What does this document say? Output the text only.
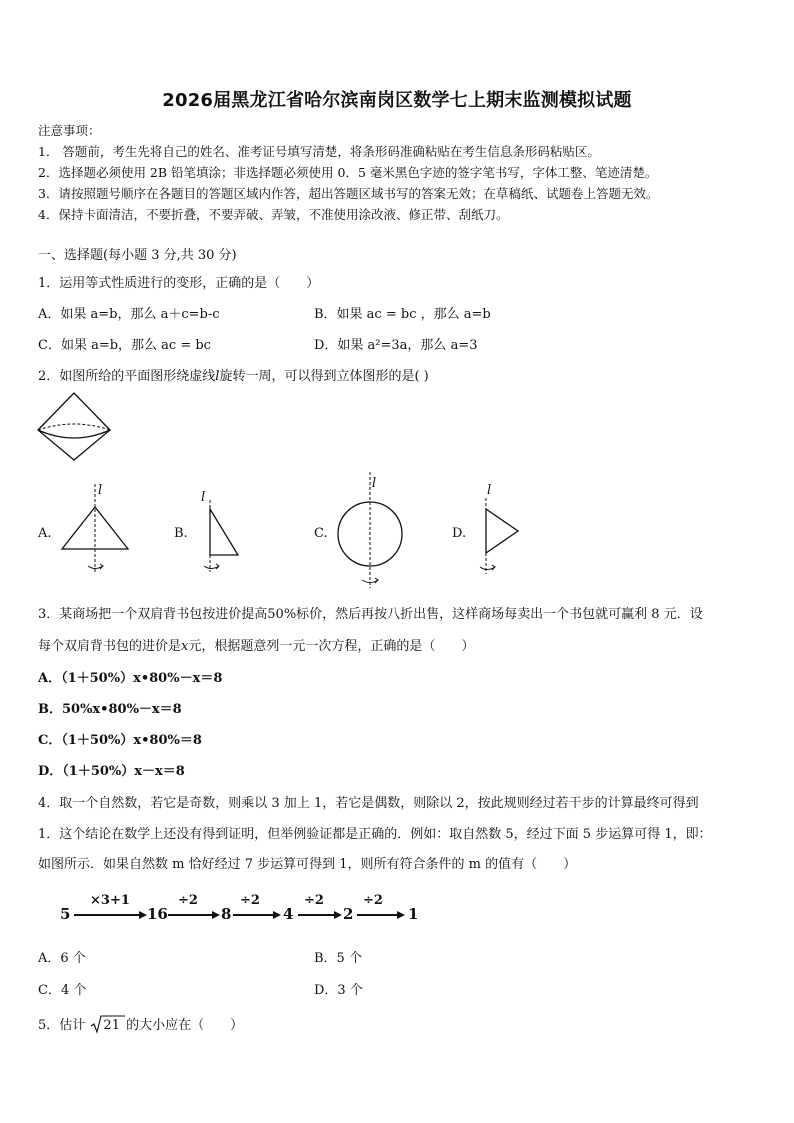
2026届黑龙江省哈尔滨南岗区数学七上期末监测模拟试题
注意事项：
1． 答题前，考生先将自己的姓名、准考证号填写清楚，将条形码准确粘贴在考生信息条形码粘贴区。
2．选择题必须使用 2B 铅笔填涂；非选择题必须使用 0．5 毫米黑色字迹的签字笔书写，字体工整、笔迹清楚。
3．请按照题号顺序在各题目的答题区域内作答，超出答题区域书写的答案无效；在草稿纸、试题卷上答题无效。
4．保持卡面清洁，不要折叠，不要弄破、弄皱，不准使用涂改液、修正带、刮纸刀。
一、选择题(每小题 3 分,共 30 分)
1．运用等式性质进行的变形，正确的是（　　）
A．如果 a=b，那么 a＋c=b-c	B．如果 ac = bc ，那么 a=b
C．如果 a=b，那么 ac = bc	D．如果 a²=3a，那么 a=3
2．如图所给的平面图形绕虚线l旋转一周，可以得到立体图形的是( )
A.
l
B.
l
C.
l
D.
l
3．某商场把一个双肩背书包按进价提高50%标价，然后再按八折出售，这样商场每卖出一个书包就可赢利 8 元．设
每个双肩背书包的进价是x元，根据题意列一元一次方程，正确的是（　　）
A．（1＋50%）x•80%－x＝8
B．50%x•80%－x＝8
C．（1＋50%）x•80%＝8
D．（1＋50%）x－x＝8
4．取一个自然数，若它是奇数，则乘以 3 加上 1，若它是偶数，则除以 2，按此规则经过若干步的计算最终可得到
1．这个结论在数学上还没有得到证明，但举例验证都是正确的．例如：取自然数 5，经过下面 5 步运算可得 1，即：
如图所示．如果自然数 m 恰好经过 7 步运算可得到 1，则所有符合条件的 m 的值有（　　）
5
×3+1
16
÷2
8
÷2
4
÷2
2
÷2
1
A．6 个	B．5 个
C．4 个	D．3 个
5．估计 21 的大小应在（　　）
